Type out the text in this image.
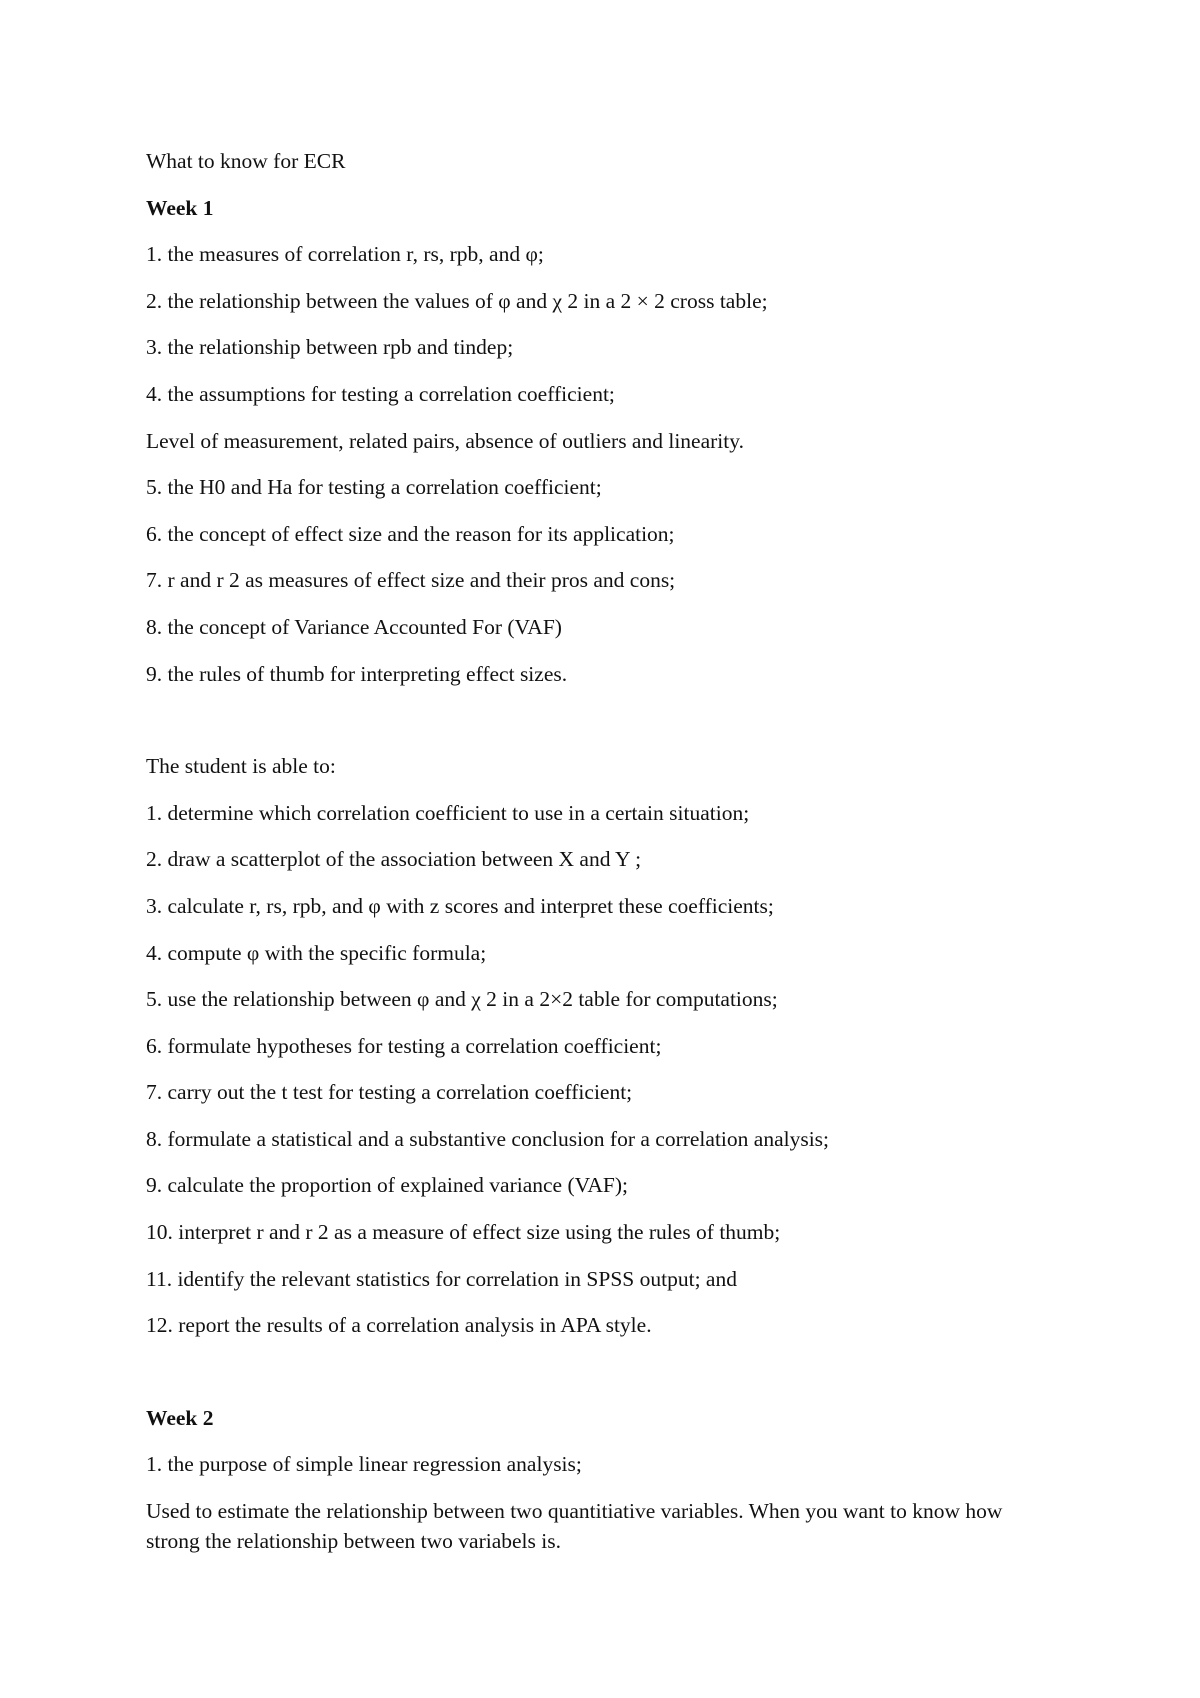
What to know for ECR
Week 1
1. the measures of correlation r, rs, rpb, and φ;
2. the relationship between the values of φ and χ 2 in a 2 × 2 cross table;
3. the relationship between rpb and tindep;
4. the assumptions for testing a correlation coefficient;
Level of measurement, related pairs, absence of outliers and linearity.
5. the H0 and Ha for testing a correlation coefficient;
6. the concept of effect size and the reason for its application;
7. r and r 2 as measures of effect size and their pros and cons;
8. the concept of Variance Accounted For (VAF)
9. the rules of thumb for interpreting effect sizes.
The student is able to:
1. determine which correlation coefficient to use in a certain situation;
2. draw a scatterplot of the association between X and Y ;
3. calculate r, rs, rpb, and φ with z scores and interpret these coefficients;
4. compute φ with the specific formula;
5. use the relationship between φ and χ 2 in a 2×2 table for computations;
6. formulate hypotheses for testing a correlation coefficient;
7. carry out the t test for testing a correlation coefficient;
8. formulate a statistical and a substantive conclusion for a correlation analysis;
9. calculate the proportion of explained variance (VAF);
10. interpret r and r 2 as a measure of effect size using the rules of thumb;
11. identify the relevant statistics for correlation in SPSS output; and
12. report the results of a correlation analysis in APA style.
Week 2
1. the purpose of simple linear regression analysis;
Used to estimate the relationship between two quantitiative variables. When you want to know how strong the relationship between two variabels is.
